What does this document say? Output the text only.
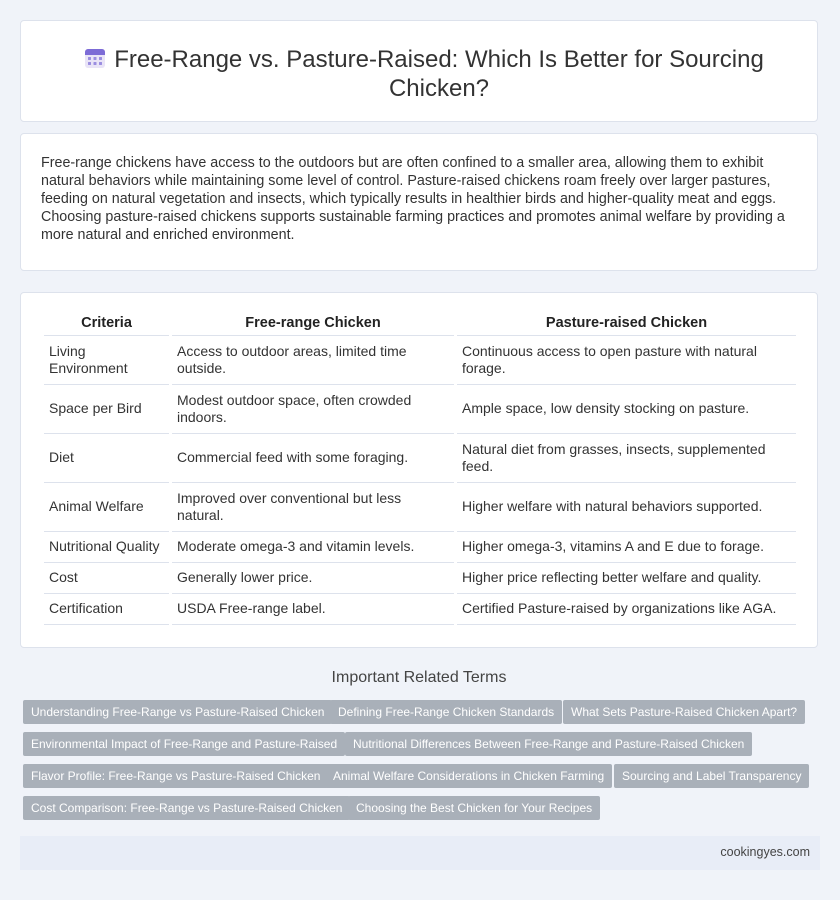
Free-Range vs. Pasture-Raised: Which Is Better for Sourcing Chicken?

Free-range chickens have access to the outdoors but are often confined to a smaller area, allowing them to exhibit natural behaviors while maintaining some level of control. Pasture-raised chickens roam freely over larger pastures, feeding on natural vegetation and insects, which typically results in healthier birds and higher-quality meat and eggs. Choosing pasture-raised chickens supports sustainable farming practices and promotes animal welfare by providing a more natural and enriched environment.

Criteria	Free-range Chicken	Pasture-raised Chicken
Living Environment	Access to outdoor areas, limited time outside.	Continuous access to open pasture with natural forage.
Space per Bird	Modest outdoor space, often crowded indoors.	Ample space, low density stocking on pasture.
Diet	Commercial feed with some foraging.	Natural diet from grasses, insects, supplemented feed.
Animal Welfare	Improved over conventional but less natural.	Higher welfare with natural behaviors supported.
Nutritional Quality	Moderate omega-3 and vitamin levels.	Higher omega-3, vitamins A and E due to forage.
Cost	Generally lower price.	Higher price reflecting better welfare and quality.
Certification	USDA Free-range label.	Certified Pasture-raised by organizations like AGA.
Important Related Terms
Understanding Free-Range vs Pasture-Raised Chicken	Defining Free-Range Chicken Standards	What Sets Pasture-Raised Chicken Apart?
Environmental Impact of Free-Range and Pasture-Raised	Nutritional Differences Between Free-Range and Pasture-Raised Chicken
Flavor Profile: Free-Range vs Pasture-Raised Chicken	Animal Welfare Considerations in Chicken Farming	Sourcing and Label Transparency
Cost Comparison: Free-Range vs Pasture-Raised Chicken	Choosing the Best Chicken for Your Recipes
cookingyes.com
